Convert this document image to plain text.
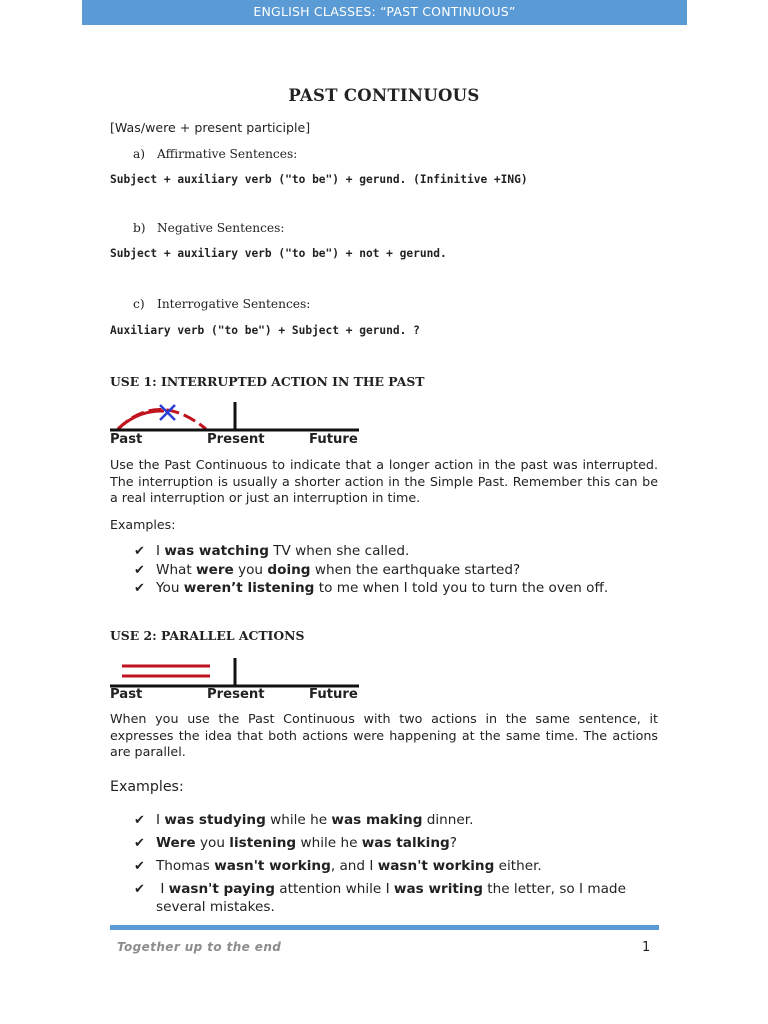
ENGLISH CLASSES: “PAST CONTINUOUS”
PAST CONTINUOUS
[Was/were + present participle]
a) Affirmative Sentences:
Subject + auxiliary verb ("to be") + gerund. (Infinitive +ING)
b) Negative Sentences:
Subject + auxiliary verb ("to be") + not + gerund.
c) Interrogative Sentences:
Auxiliary verb ("to be") + Subject + gerund. ?
USE 1: INTERRUPTED ACTION IN THE PAST
Past	Present	Future
Use the Past Continuous to indicate that a longer action in the past was interrupted. The interruption is usually a shorter action in the Simple Past. Remember this can be a real interruption or just an interruption in time.
Examples:
✔ I was watching TV when she called.
✔ What were you doing when the earthquake started?
✔ You weren’t listening to me when I told you to turn the oven off.
USE 2: PARALLEL ACTIONS
Past	Present	Future
When you use the Past Continuous with two actions in the same sentence, it expresses the idea that both actions were happening at the same time. The actions are parallel.
Examples:
✔ I was studying while he was making dinner.
✔ Were you listening while he was talking?
✔ Thomas wasn't working, and I wasn't working either.
✔ I wasn't paying attention while I was writing the letter, so I made
several mistakes.
Together up to the end	1
